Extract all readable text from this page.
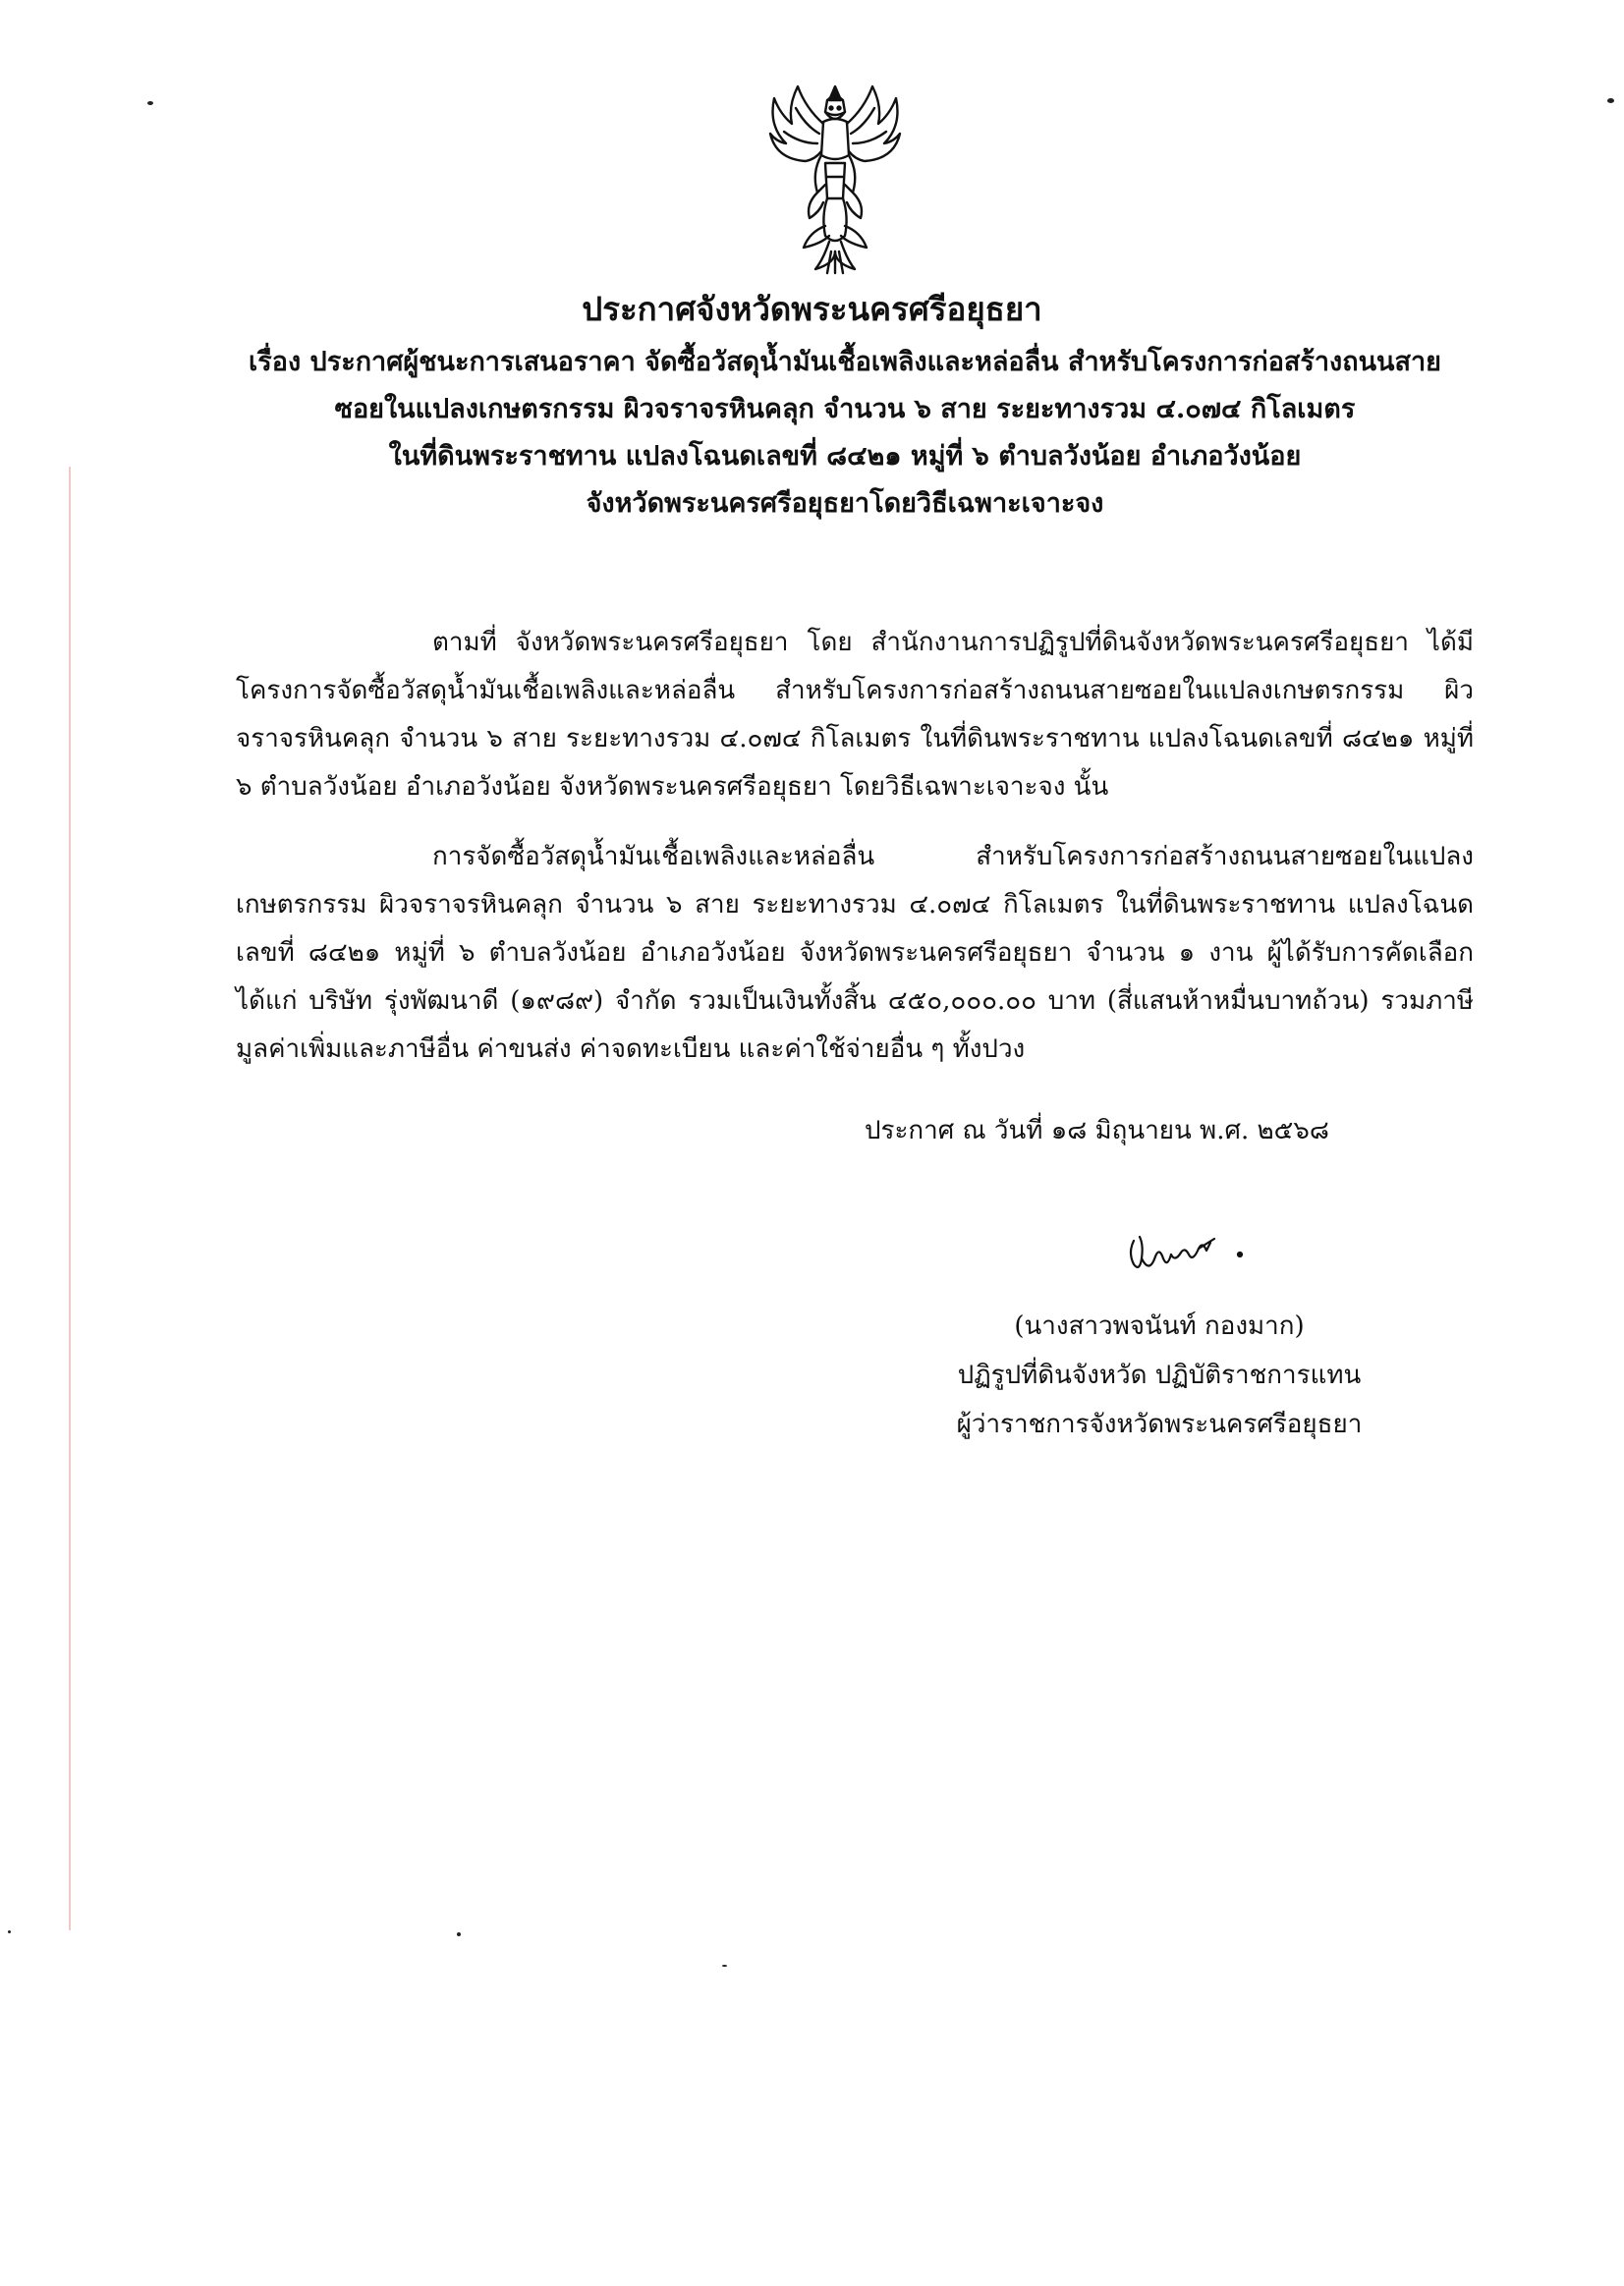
ประกาศจังหวัดพระนครศรีอยุธยา
เรื่อง ประกาศผู้ชนะการเสนอราคา จัดซื้อวัสดุน้ำมันเชื้อเพลิงและหล่อลื่น สำหรับโครงการก่อสร้างถนนสาย
ซอยในแปลงเกษตรกรรม ผิวจราจรหินคลุก จำนวน ๖ สาย ระยะทางรวม ๔.๐๗๔ กิโลเมตร
ในที่ดินพระราชทาน แปลงโฉนดเลขที่ ๘๔๒๑ หมู่ที่ ๖ ตำบลวังน้อย อำเภอวังน้อย
จังหวัดพระนครศรีอยุธยาโดยวิธีเฉพาะเจาะจง

ตามที่ จังหวัดพระนครศรีอยุธยา โดย สำนักงานการปฏิรูปที่ดินจังหวัดพระนครศรีอยุธยา ได้มีโครงการจัดซื้อวัสดุน้ำมันเชื้อเพลิงและหล่อลื่น สำหรับโครงการก่อสร้างถนนสายซอยในแปลงเกษตรกรรม ผิวจราจรหินคลุก จำนวน ๖ สาย ระยะทางรวม ๔.๐๗๔ กิโลเมตร ในที่ดินพระราชทาน แปลงโฉนดเลขที่ ๘๔๒๑ หมู่ที่ ๖ ตำบลวังน้อย อำเภอวังน้อย จังหวัดพระนครศรีอยุธยา โดยวิธีเฉพาะเจาะจง นั้น

การจัดซื้อวัสดุน้ำมันเชื้อเพลิงและหล่อลื่น สำหรับโครงการก่อสร้างถนนสายซอยในแปลงเกษตรกรรม ผิวจราจรหินคลุก จำนวน ๖ สาย ระยะทางรวม ๔.๐๗๔ กิโลเมตร ในที่ดินพระราชทาน แปลงโฉนดเลขที่ ๘๔๒๑ หมู่ที่ ๖ ตำบลวังน้อย อำเภอวังน้อย จังหวัดพระนครศรีอยุธยา จำนวน ๑ งาน ผู้ได้รับการคัดเลือก ได้แก่ บริษัท รุ่งพัฒนาดี (๑๙๘๙) จำกัด รวมเป็นเงินทั้งสิ้น ๔๕๐,๐๐๐.๐๐ บาท (สี่แสนห้าหมื่นบาทถ้วน) รวมภาษีมูลค่าเพิ่มและภาษีอื่น ค่าขนส่ง ค่าจดทะเบียน และค่าใช้จ่ายอื่น ๆ ทั้งปวง

ประกาศ ณ วันที่ ๑๘ มิถุนายน พ.ศ. ๒๕๖๘
(นางสาวพจนันท์ กองมาก)
ปฏิรูปที่ดินจังหวัด ปฏิบัติราชการแทน
ผู้ว่าราชการจังหวัดพระนครศรีอยุธยา
